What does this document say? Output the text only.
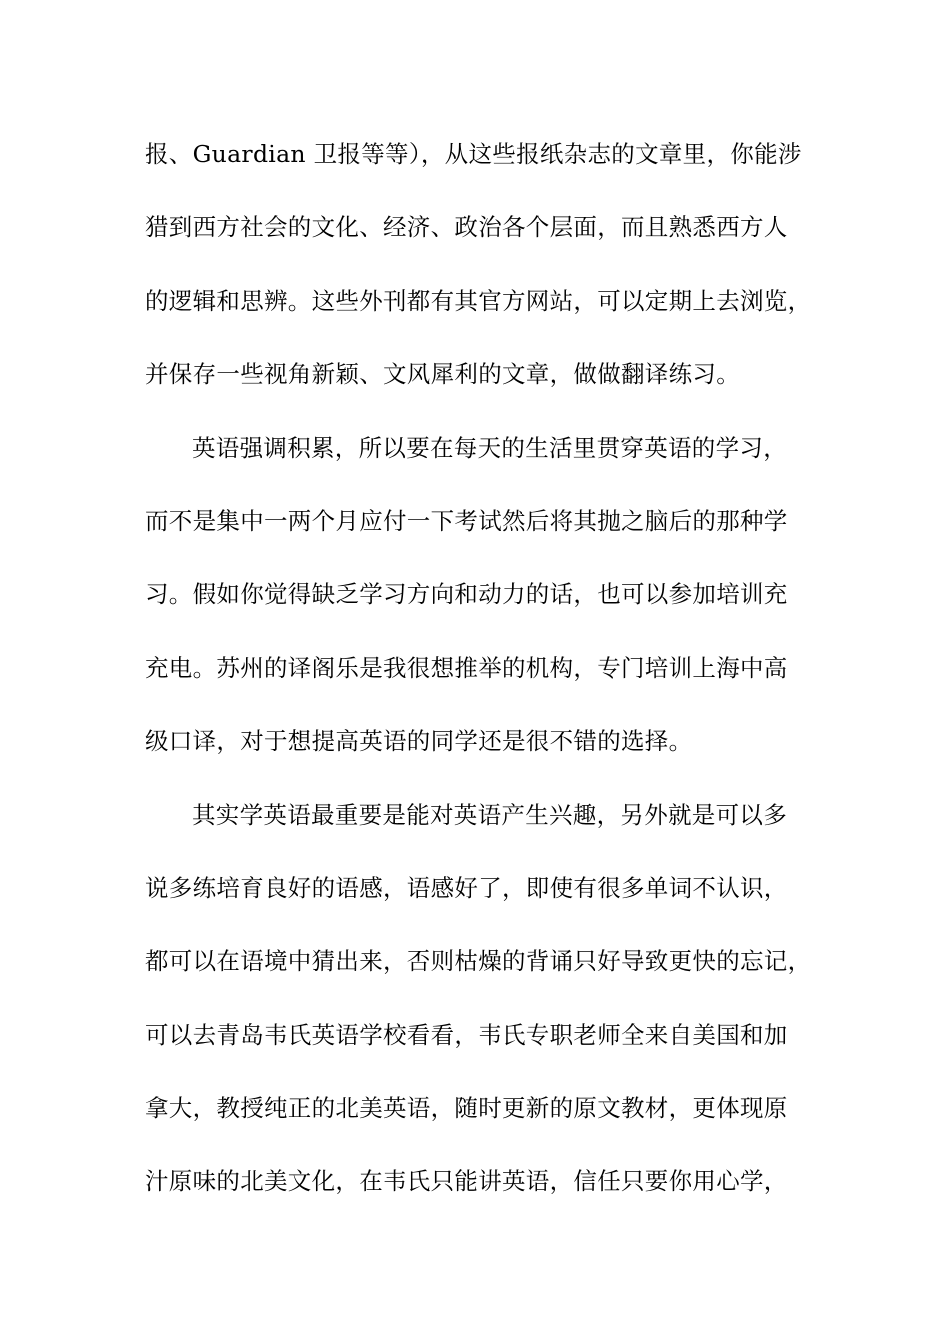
报、Guardian 卫报等等），从这些报纸杂志的文章里，你能涉
猎到西方社会的文化、经济、政治各个层面，而且熟悉西方人
的逻辑和思辨。这些外刊都有其官方网站，可以定期上去浏览，
并保存一些视角新颖、文风犀利的文章，做做翻译练习。
英语强调积累，所以要在每天的生活里贯穿英语的学习，
而不是集中一两个月应付一下考试然后将其抛之脑后的那种学
习。假如你觉得缺乏学习方向和动力的话，也可以参加培训充
充电。苏州的译阁乐是我很想推举的机构，专门培训上海中高
级口译，对于想提高英语的同学还是很不错的选择。
其实学英语最重要是能对英语产生兴趣，另外就是可以多
说多练培育良好的语感，语感好了，即使有很多单词不认识，
都可以在语境中猜出来，否则枯燥的背诵只好导致更快的忘记，
可以去青岛韦氏英语学校看看，韦氏专职老师全来自美国和加
拿大，教授纯正的北美英语，随时更新的原文教材，更体现原
汁原味的北美文化，在韦氏只能讲英语，信任只要你用心学，
